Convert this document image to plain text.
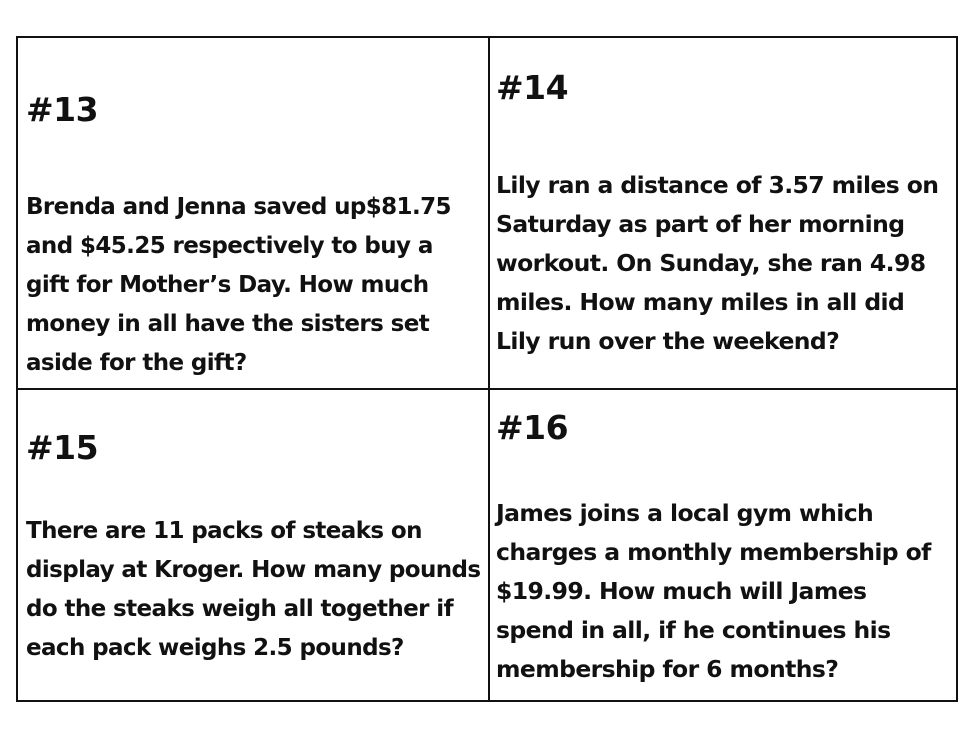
#13
Brenda and Jenna saved up$81.75 and $45.25 respectively to buy a gift for Mother’s Day. How much money in all have the sisters set aside for the gift?
#14
Lily ran a distance of 3.57 miles on Saturday as part of her morning workout. On Sunday, she ran 4.98 miles. How many miles in all did Lily run over the weekend?
#15
There are 11 packs of steaks on display at Kroger. How many pounds do the steaks weigh all together if each pack weighs 2.5 pounds?
#16
James joins a local gym which charges a monthly membership of $19.99. How much will James spend in all, if he continues his membership for 6 months?
